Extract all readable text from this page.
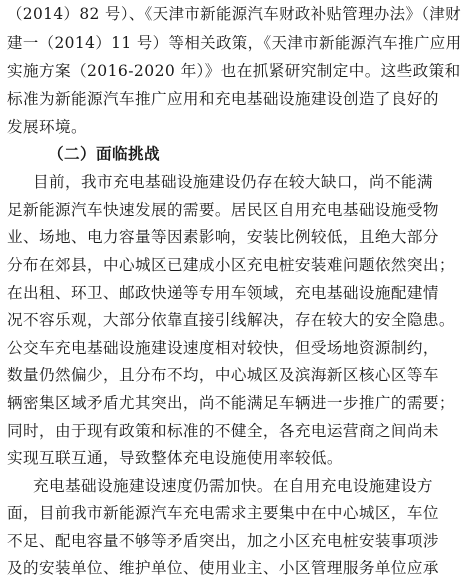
（2014）82 号）、《天津市新能源汽车财政补贴管理办法》（津财
建一（2014）11 号）等相关政策，《天津市新能源汽车推广应用
实施方案（2016-2020 年）》也在抓紧研究制定中。这些政策和
标准为新能源汽车推广应用和充电基础设施建设创造了良好的
发展环境。
（二）面临挑战
目前，我市充电基础设施建设仍存在较大缺口，尚不能满
足新能源汽车快速发展的需要。居民区自用充电基础设施受物
业、场地、电力容量等因素影响，安装比例较低，且绝大部分
分布在郊县，中心城区已建成小区充电桩安装难问题依然突出；
在出租、环卫、邮政快递等专用车领域，充电基础设施配建情
况不容乐观，大部分依靠直接引线解决，存在较大的安全隐患。
公交车充电基础设施建设速度相对较快，但受场地资源制约，
数量仍然偏少，且分布不均，中心城区及滨海新区核心区等车
辆密集区域矛盾尤其突出，尚不能满足车辆进一步推广的需要；
同时，由于现有政策和标准的不健全，各充电运营商之间尚未
实现互联互通，导致整体充电设施使用率较低。
充电基础设施建设速度仍需加快。在自用充电设施建设方
面，目前我市新能源汽车充电需求主要集中在中心城区，车位
不足、配电容量不够等矛盾突出，加之小区充电桩安装事项涉
及的安装单位、维护单位、使用业主、小区管理服务单位应承
